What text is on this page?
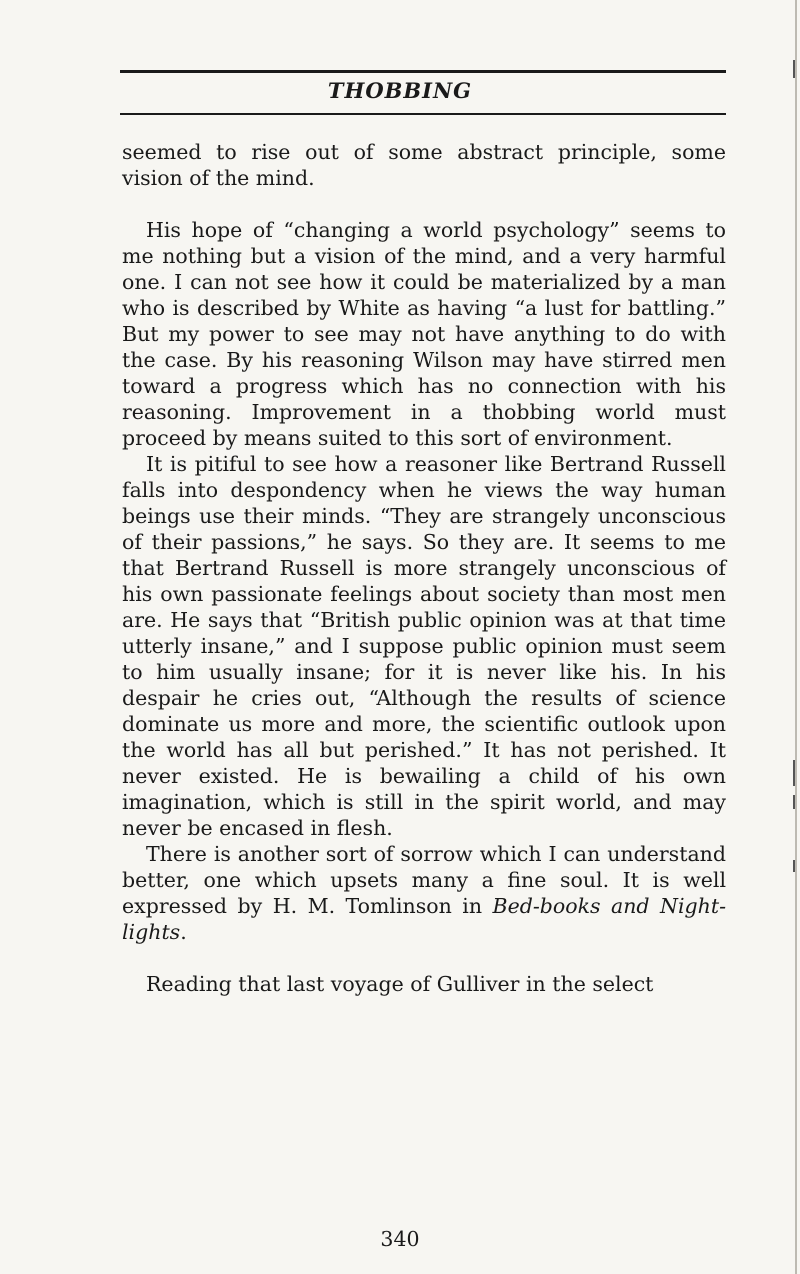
THOBBING

seemed to rise out of some abstract principle, some vision of the mind.

His hope of “changing a world psychology” seems to me nothing but a vision of the mind, and a very harmful one. I can not see how it could be materialized by a man who is described by White as having “a lust for battling.” But my power to see may not have anything to do with the case. By his reasoning Wilson may have stirred men toward a progress which has no connection with his reasoning. Improvement in a thobbing world must proceed by means suited to this sort of environment.

It is pitiful to see how a reasoner like Bertrand Russell falls into despondency when he views the way human beings use their minds. “They are strangely unconscious of their passions,” he says. So they are. It seems to me that Bertrand Russell is more strangely unconscious of his own passionate feelings about society than most men are. He says that “British public opinion was at that time utterly insane,” and I suppose public opinion must seem to him usually insane; for it is never like his. In his despair he cries out, “Although the results of science dominate us more and more, the scientific outlook upon the world has all but perished.” It has not perished. It never existed. He is bewailing a child of his own imagination, which is still in the spirit world, and may never be encased in flesh.

There is another sort of sorrow which I can understand better, one which upsets many a fine soul. It is well expressed by H. M. Tomlinson in Bed-books and Night-lights.

Reading that last voyage of Gulliver in the select

340
